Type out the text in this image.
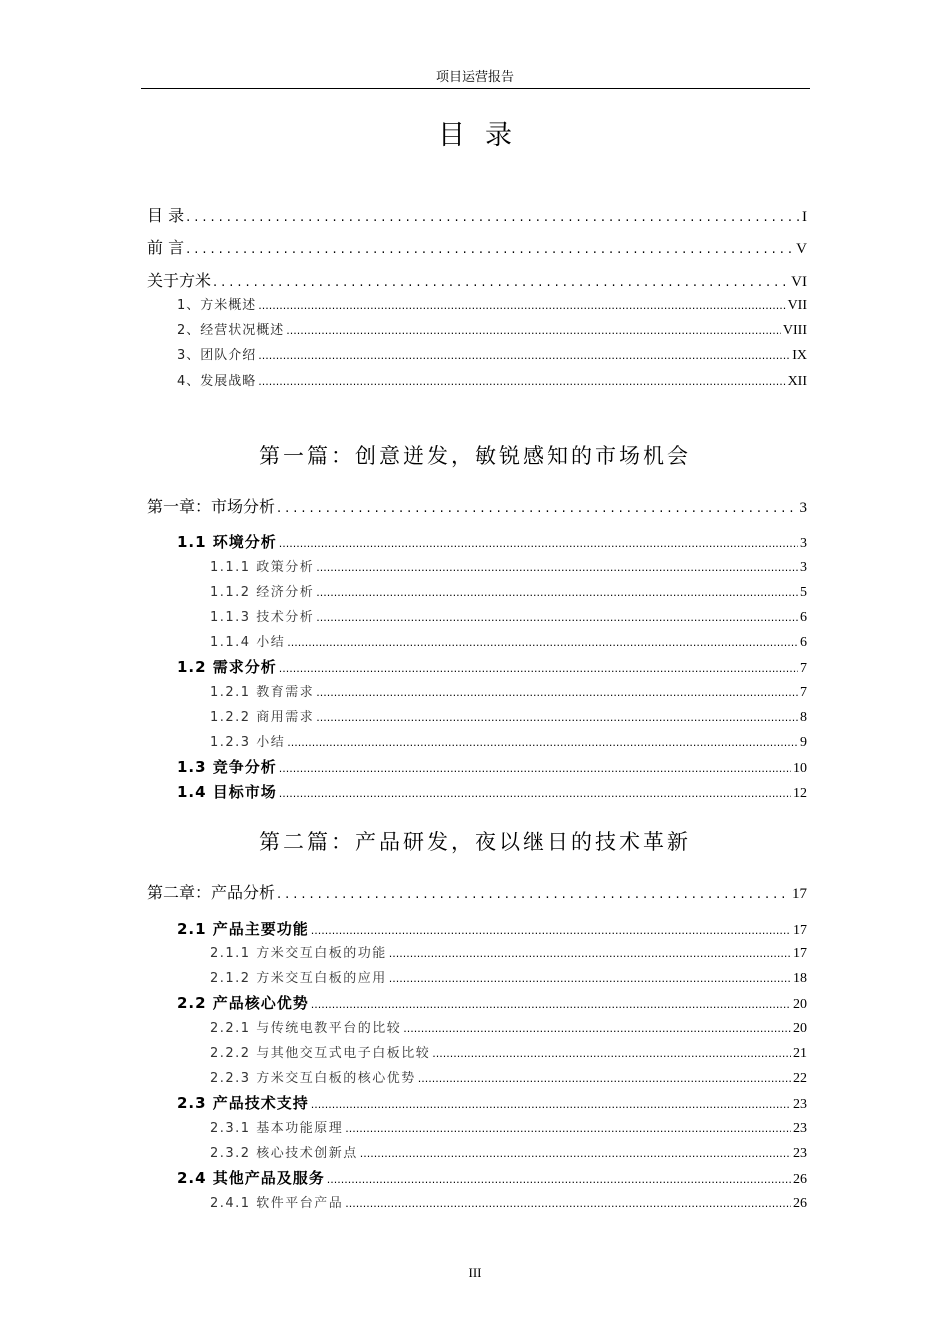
项目运营报告
目录
目 录 .....	I
前 言 .....	V
关于方米 .....	VI
1、方米概述 .....	VII
2、经营状况概述 .....	VIII
3、团队介绍 .....	IX
4、发展战略 .....	XII
第一篇：创意迸发，敏锐感知的市场机会
第一章：市场分析 .....	3
1.1 环境分析 .....	3
1.1.1 政策分析 .....	3
1.1.2 经济分析 .....	5
1.1.3 技术分析 .....	6
1.1.4 小结 .....	6
1.2 需求分析 .....	7
1.2.1 教育需求 .....	7
1.2.2 商用需求 .....	8
1.2.3 小结 .....	9
1.3 竞争分析 .....	10
1.4 目标市场 .....	12
第二篇：产品研发，夜以继日的技术革新
第二章：产品分析 .....	17
2.1 产品主要功能 .....	17
2.1.1 方米交互白板的功能 .....	17
2.1.2 方米交互白板的应用 .....	18
2.2 产品核心优势 .....	20
2.2.1 与传统电教平台的比较 .....	20
2.2.2 与其他交互式电子白板比较 .....	21
2.2.3 方米交互白板的核心优势 .....	22
2.3 产品技术支持 .....	23
2.3.1 基本功能原理 .....	23
2.3.2 核心技术创新点 .....	23
2.4 其他产品及服务 .....	26
2.4.1 软件平台产品 .....	26
III
